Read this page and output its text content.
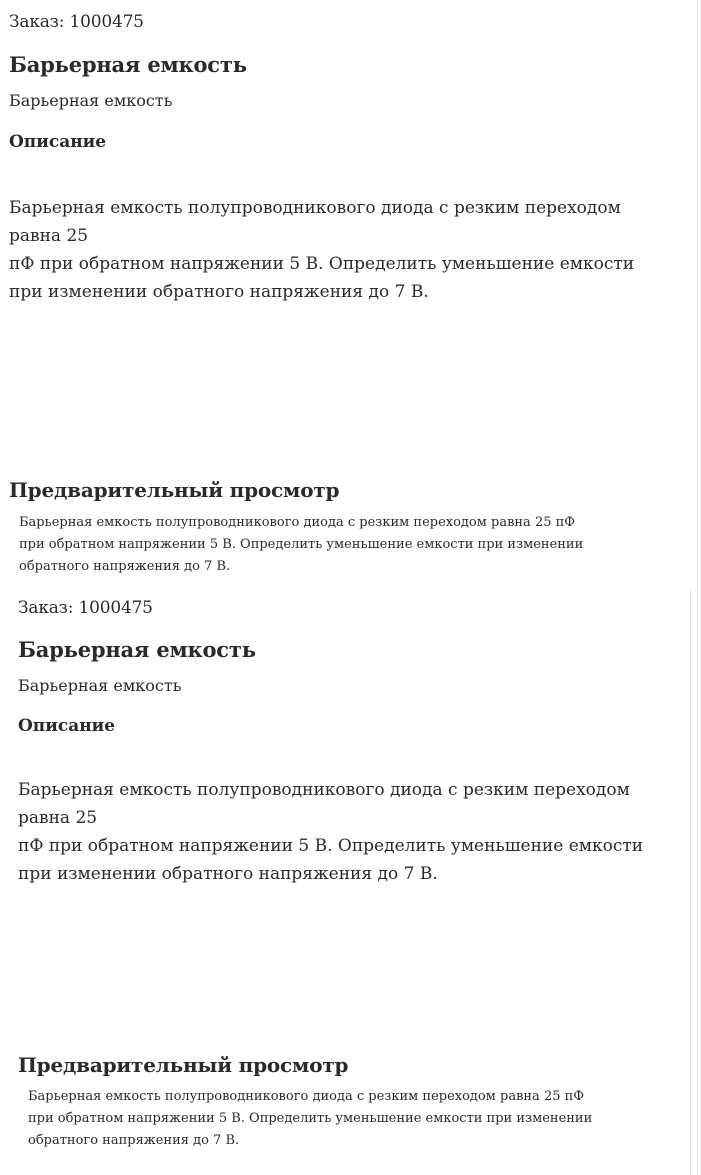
Заказ: 1000475
Барьерная емкость
Барьерная емкость
Описание
Барьерная емкость полупроводникового диода с резким переходом
равна 25
пФ при обратном напряжении 5 В. Определить уменьшение емкости
при изменении обратного напряжения до 7 В.
Предварительный просмотр
Барьерная емкость полупроводникового диода с резким переходом равна 25 пФ
при обратном напряжении 5 В. Определить уменьшение емкости при изменении
обратного напряжения до 7 В.
Заказ: 1000475
Барьерная емкость
Барьерная емкость
Описание
Барьерная емкость полупроводникового диода с резким переходом
равна 25
пФ при обратном напряжении 5 В. Определить уменьшение емкости
при изменении обратного напряжения до 7 В.
Предварительный просмотр
Барьерная емкость полупроводникового диода с резким переходом равна 25 пФ
при обратном напряжении 5 В. Определить уменьшение емкости при изменении
обратного напряжения до 7 В.
